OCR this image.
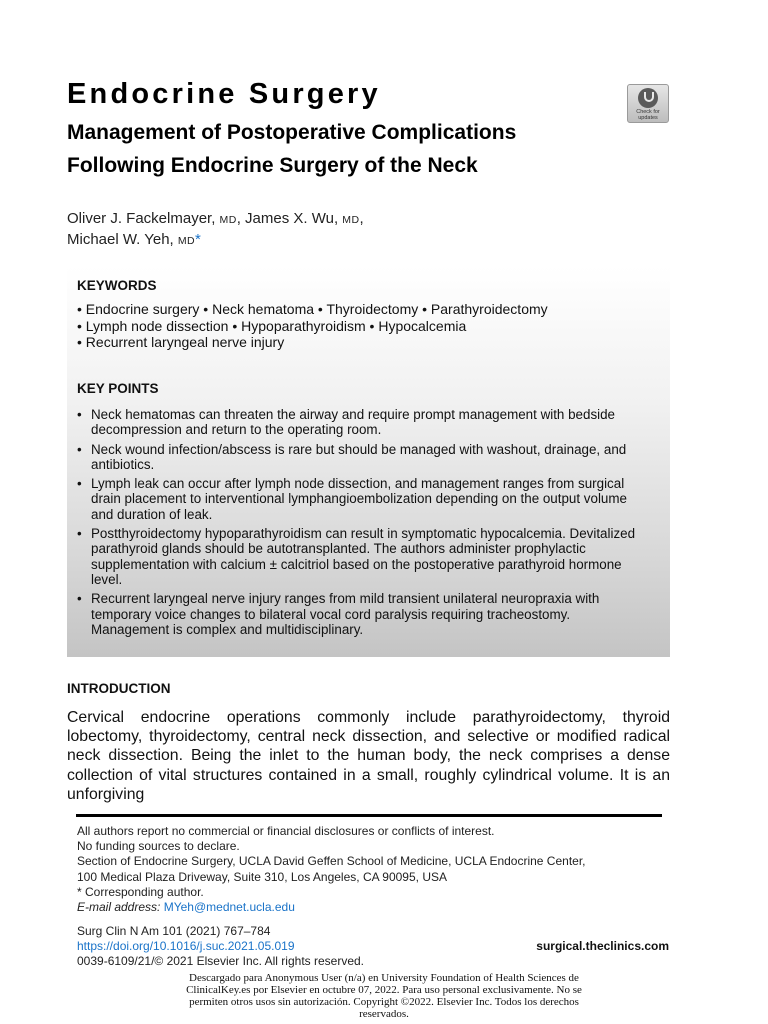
Endocrine Surgery
Management of Postoperative Complications
Following Endocrine Surgery of the Neck
Check for updates
Oliver J. Fackelmayer, MD, James X. Wu, MD,
Michael W. Yeh, MD*
KEYWORDS
• Endocrine surgery • Neck hematoma • Thyroidectomy • Parathyroidectomy
• Lymph node dissection • Hypoparathyroidism • Hypocalcemia
• Recurrent laryngeal nerve injury
KEY POINTS
• Neck hematomas can threaten the airway and require prompt management with bedside decompression and return to the operating room.
• Neck wound infection/abscess is rare but should be managed with washout, drainage, and antibiotics.
• Lymph leak can occur after lymph node dissection, and management ranges from surgical drain placement to interventional lymphangioembolization depending on the output volume and duration of leak.
• Postthyroidectomy hypoparathyroidism can result in symptomatic hypocalcemia. Devitalized parathyroid glands should be autotransplanted. The authors administer prophylactic supplementation with calcium ± calcitriol based on the postoperative parathyroid hormone level.
• Recurrent laryngeal nerve injury ranges from mild transient unilateral neuropraxia with temporary voice changes to bilateral vocal cord paralysis requiring tracheostomy. Management is complex and multidisciplinary.
INTRODUCTION
Cervical endocrine operations commonly include parathyroidectomy, thyroid lobectomy, thyroidectomy, central neck dissection, and selective or modified radical neck dissection. Being the inlet to the human body, the neck comprises a dense collection of vital structures contained in a small, roughly cylindrical volume. It is an unforgiving
All authors report no commercial or financial disclosures or conflicts of interest.
No funding sources to declare.
Section of Endocrine Surgery, UCLA David Geffen School of Medicine, UCLA Endocrine Center,
100 Medical Plaza Driveway, Suite 310, Los Angeles, CA 90095, USA
* Corresponding author.
E-mail address: MYeh@mednet.ucla.edu
Surg Clin N Am 101 (2021) 767–784
https://doi.org/10.1016/j.suc.2021.05.019
0039-6109/21/© 2021 Elsevier Inc. All rights reserved.
surgical.theclinics.com
Descargado para Anonymous User (n/a) en University Foundation of Health Sciences de
ClinicalKey.es por Elsevier en octubre 07, 2022. Para uso personal exclusivamente. No se
permiten otros usos sin autorización. Copyright ©2022. Elsevier Inc. Todos los derechos
reservados.
